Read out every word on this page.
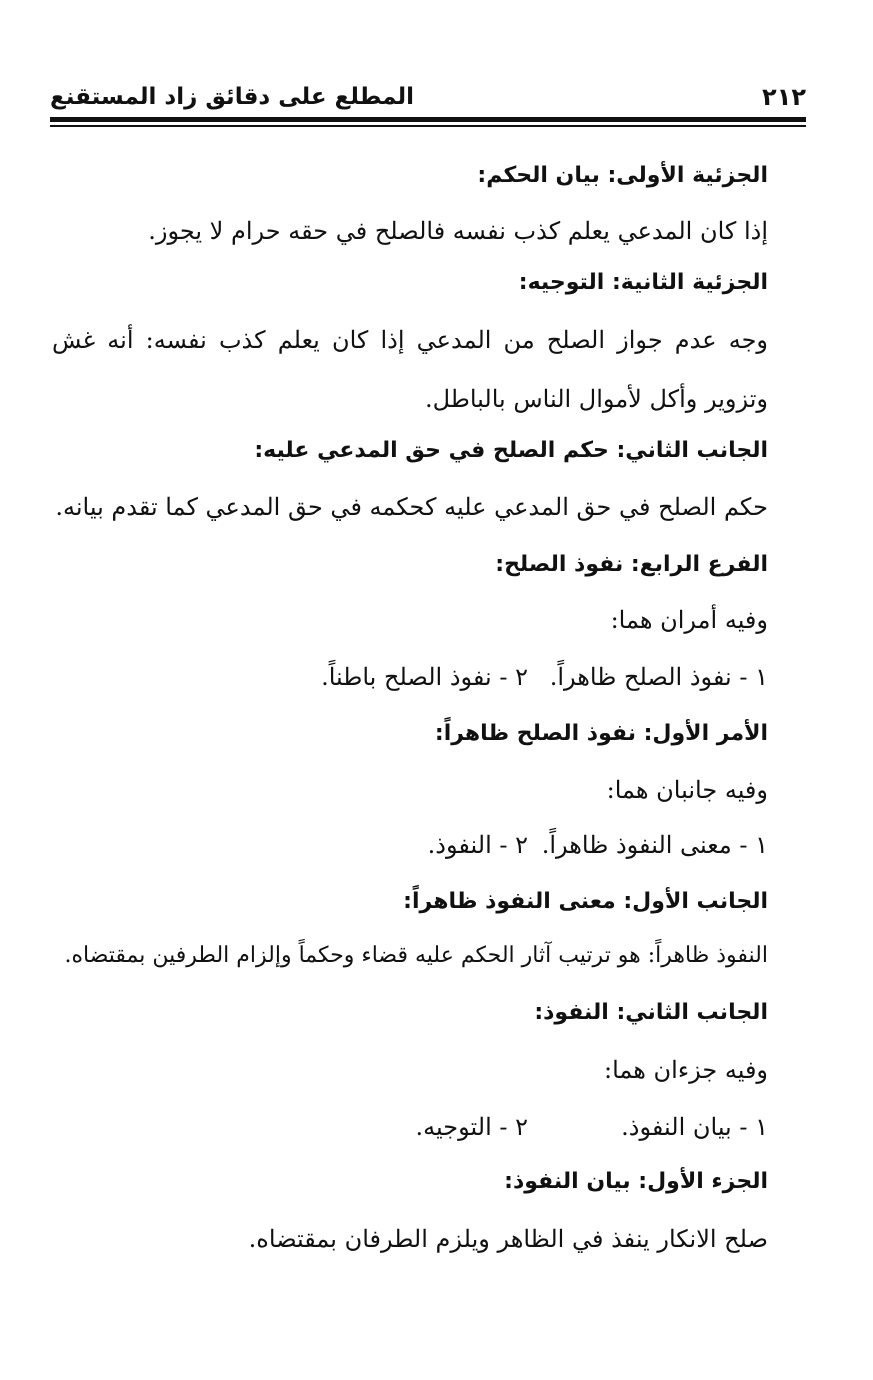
٢١٢
المطلع على دقائق زاد المستقنع
الجزئية الأولى: بيان الحكم:
إذا كان المدعي يعلم كذب نفسه فالصلح في حقه حرام لا يجوز.
الجزئية الثانية: التوجيه:
وجه عدم جواز الصلح من المدعي إذا كان يعلم كذب نفسه: أنه غش
وتزوير وأكل لأموال الناس بالباطل.
الجانب الثاني: حكم الصلح في حق المدعي عليه:
حكم الصلح في حق المدعي عليه كحكمه في حق المدعي كما تقدم بيانه.
الفرع الرابع: نفوذ الصلح:
وفيه أمران هما:
١ - نفوذ الصلح ظاهراً.
٢ - نفوذ الصلح باطناً.
الأمر الأول: نفوذ الصلح ظاهراً:
وفيه جانبان هما:
١ - معنى النفوذ ظاهراً.
٢ - النفوذ.
الجانب الأول: معنى النفوذ ظاهراً:
النفوذ ظاهراً: هو ترتيب آثار الحكم عليه قضاء وحكماً وإلزام الطرفين بمقتضاه.
الجانب الثاني: النفوذ:
وفيه جزءان هما:
١ - بيان النفوذ.
٢ - التوجيه.
الجزء الأول: بيان النفوذ:
صلح الانكار ينفذ في الظاهر ويلزم الطرفان بمقتضاه.
